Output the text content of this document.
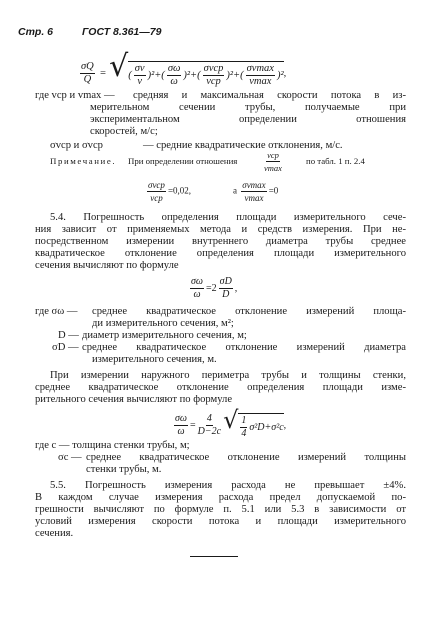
Стр. 6	ГОСТ 8.361—79
$\frac{\sigma Q}{Q}$ = √( $\frac{\sigma v}{v} )^2+( \frac{\sigma\omega}{\omega} )^2+( \frac{\text{σvср}}{\text{vср}} )^2+( \frac{\sigma vmax}{vmax} )^2$,
где vср и vmax — средняя и максимальная скорости потока в из-
мерительном сечении трубы, получаемые при
экспериментальном определении отношения
скоростей, м/с;
σvср и σvср	— средние квадратические отклонения, м/с.
Примечание. При определении отношения	$\frac{\text{vср}}{vmax}$	по табл. 1 п. 2.4
$\frac{\text{σvср}}{\text{vср}} =0,02$,	а $\frac{\sigma vmax}{vmax} =0$
5.4. Погрешность определения площади измерительного сече-
ния зависит от применяемых метода и средств измерения. При не-
посредственном измерении внутреннего диаметра трубы среднее
квадратическое отклонение определения площади измерительного
сечения вычисляют по формуле
$\frac{\sigma\omega}{\omega} =2 \frac{\sigma D}{D}$ ,
где σω — среднее квадратическое отклонение измерений площа-
ди измерительного сечения, м²;
D — диаметр измерительного сечения, м;
σD — среднее квадратическое отклонение измерений диаметра
измерительного сечения, м.
При измерении наружного периметра трубы и толщины стенки,
среднее квадратическое отклонение определения площади изме-
рительного сечения вычисляют по формуле
$\frac{\sigma\omega}{\omega} = \frac{4}{D-2c}$ √ $\frac{1}{4} \sigma^2D+\sigma^2c$,
где c — толщина стенки трубы, м;
σc — среднее квадратическое отклонение измерений толщины
стенки трубы, м.
5.5. Погрешность измерения расхода не превышает ±4%.
В каждом случае измерения расхода предел допускаемой по-
грешности вычисляют по формуле п. 5.1 или 5.3 в зависимости от
условий измерения скорости потока и площади измерительного
сечения.
